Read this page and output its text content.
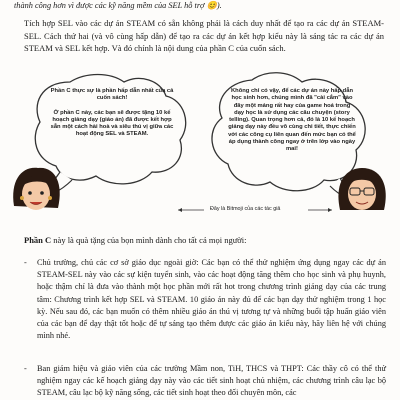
thành công hơn vì được các kỹ năng mềm của SEL hỗ trợ 😊).
Tích hợp SEL vào các dự án STEAM có sẵn không phải là cách duy nhất để tạo ra các dự án STEAM-SEL. Cách thứ hai (và vô cùng hấp dẫn) để tạo ra các dự án kết hợp kiểu này là sáng tác ra các dự án STEAM và SEL kết hợp. Và đó chính là nội dung của phần C của cuốn sách.
Phần C thực sự là phần hấp dẫn nhất của cả cuốn sách!
Ở phần C này, các bạn sẽ được tặng 10 kế hoạch giảng dạy (giáo án) đã được kết hợp sẵn một cách hài hoà và siêu thú vị giữa các hoạt động SEL và STEAM.
Không chỉ có vậy, để các dự án này hấp dẫn học sinh hơn, chúng mình đã "cài cắm" vào đây một mảng rất hay của game hoá trong dạy học là sử dụng các câu chuyện (story telling). Quan trọng hơn cả, đó là 10 kế hoạch giảng dạy này đều vô cùng chi tiết, thực chiến với các công cụ liên quan đến mức bạn có thể áp dụng thành công ngay ở trên lớp vào ngày mai!
Đây là Bitmoji của các tác giả
Phần C này là quà tặng của bọn mình dành cho tất cả mọi người:
- Chủ trường, chủ các cơ sở giáo dục ngoài giờ: Các bạn có thể thử nghiệm ứng dụng ngay các dự án STEAM-SEL này vào các sự kiện tuyển sinh, vào các hoạt động tăng thêm cho học sinh và phụ huynh, hoặc thậm chí là đưa vào thành một học phần mới rất hot trong chương trình giảng dạy của các trung tâm: Chương trình kết hợp SEL và STEAM. 10 giáo án này đủ để các bạn dạy thử nghiệm trong 1 học kỳ. Nếu sau đó, các bạn muốn có thêm nhiều giáo án thú vị tương tự và những buổi tập huấn giáo viên của các bạn để dạy thật tốt hoặc để tự sáng tạo thêm được các giáo án kiểu này, hãy liên hệ với chúng mình nhé.
- Ban giám hiệu và giáo viên của các trường Mầm non, TiH, THCS và THPT: Các thầy cô có thể thử nghiệm ngay các kế hoạch giảng dạy này vào các tiết sinh hoạt chủ nhiệm, các chương trình câu lạc bộ STEAM, câu lạc bộ kỹ năng sống, các tiết sinh hoạt theo đối chuyên môn, các
